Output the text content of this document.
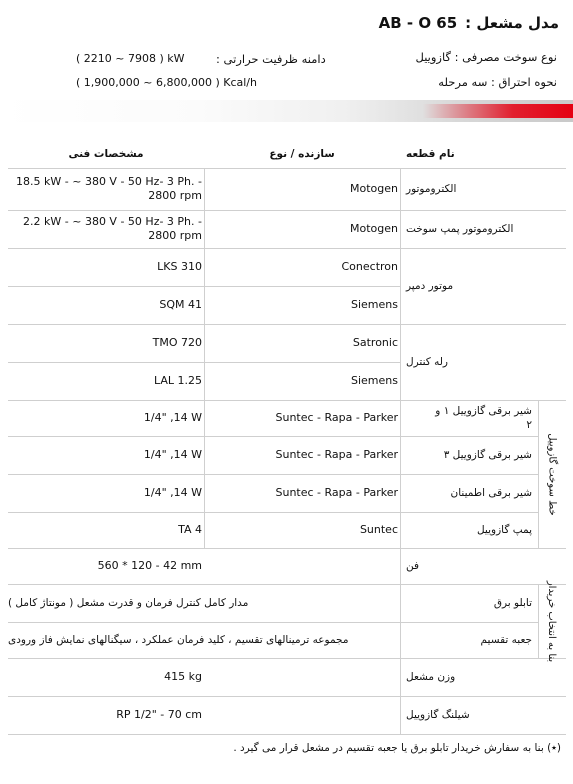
مدل مشعل :AB - O 65
نوع سوخت مصرفی : گازوییل
نحوه احتراق : سه مرحله
دامنه ظرفیت حرارتی :
( 2210 ~ 7908 ) kW
( 1,900,000 ~ 6,800,000 ) Kcal/h
مشخصات فنی	سازنده / نوع	نام قطعه
الکتروموتور
Motogen
18.5 kW - ~ 380 V - 50 Hz- 3 Ph. - 2800 rpm
الکتروموتور پمپ سوخت
Motogen
2.2 kW - ~ 380 V - 50 Hz- 3 Ph. - 2800 rpm
موتور دمپر
Conectron
LKS 310
Siemens
SQM 41
رله کنترل
Satronic
TMO 720
Siemens
LAL 1.25
خط سوخت گازوییل
شیر برقی گازوییل ۱ و ۲
Suntec - Rapa - Parker
1/4" ,14 W
شیر برقی گازوییل ۳
Suntec - Rapa - Parker
1/4" ,14 W
شیر برقی اطمینان
Suntec - Rapa - Parker
1/4" ,14 W
پمپ گازوییل
Suntec
TA 4
فن
560 * 120 - 42 mm
بنا به انتخاب خریدار
تابلو برق
مدار کامل کنترل فرمان و قدرت مشعل ( مونتاژ کامل )
جعبه تقسیم
مجموعه ترمینالهای تقسیم ، کلید فرمان عملکرد ، سیگنالهای نمایش فاز ورودی
وزن مشعل
415 kg
شیلنگ گازوییل
RP 1/2" - 70 cm
(٭) بنا به سفارش خریدار تابلو برق یا جعبه تقسیم در مشعل قرار می گیرد .
